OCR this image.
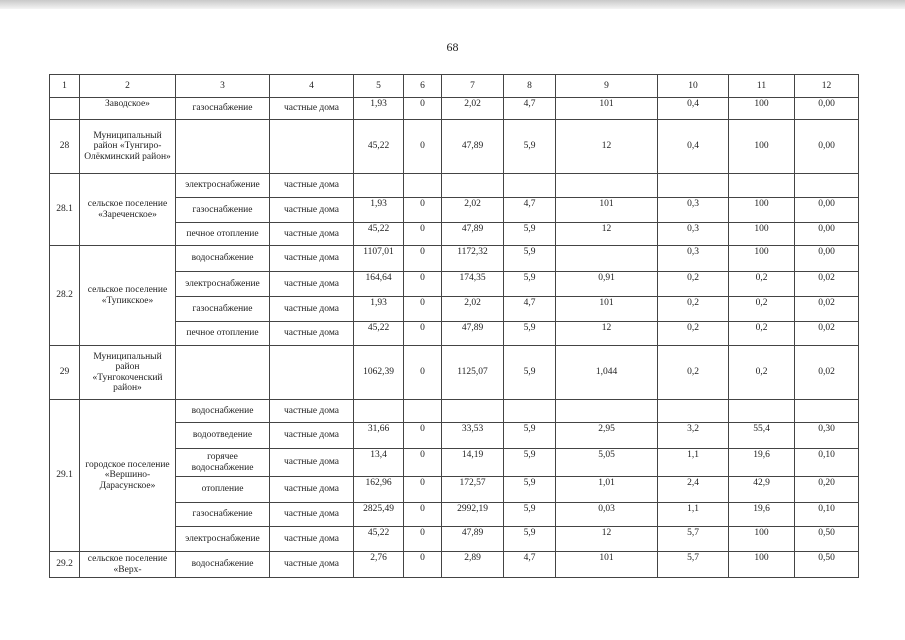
68
1	2	3	4	5	6	7	8	9	10	11	12
	Заводское»	газоснабжение	частные дома	1,93	0	2,02	4,7	101	0,4	100	0,00
28	Муниципальный район «Тунгиро-Олёкминский район»			45,22	0	47,89	5,9	12	0,4	100	0,00
28.1	сельское поселение «Зареченское»	электроснабжение	частные дома								
		газоснабжение	частные дома	1,93	0	2,02	4,7	101	0,3	100	0,00
		печное отопление	частные дома	45,22	0	47,89	5,9	12	0,3	100	0,00
28.2	сельское поселение «Тупикское»	водоснабжение	частные дома	1107,01	0	1172,32	5,9		0,3	100	0,00
		электроснабжение	частные дома	164,64	0	174,35	5,9	0,91	0,2	0,2	0,02
		газоснабжение	частные дома	1,93	0	2,02	4,7	101	0,2	0,2	0,02
		печное отопление	частные дома	45,22	0	47,89	5,9	12	0,2	0,2	0,02
29	Муниципальный район «Тунгокоченский район»			1062,39	0	1125,07	5,9	1,044	0,2	0,2	0,02
29.1	городское поселение «Вершино-Дарасунское»	водоснабжение	частные дома								
		водоотведение	частные дома	31,66	0	33,53	5,9	2,95	3,2	55,4	0,30
		горячее водоснабжение	частные дома	13,4	0	14,19	5,9	5,05	1,1	19,6	0,10
		отопление	частные дома	162,96	0	172,57	5,9	1,01	2,4	42,9	0,20
		газоснабжение	частные дома	2825,49	0	2992,19	5,9	0,03	1,1	19,6	0,10
		электроснабжение	частные дома	45,22	0	47,89	5,9	12	5,7	100	0,50
29.2	сельское поселение «Верх-	водоснабжение	частные дома	2,76	0	2,89	4,7	101	5,7	100	0,50
